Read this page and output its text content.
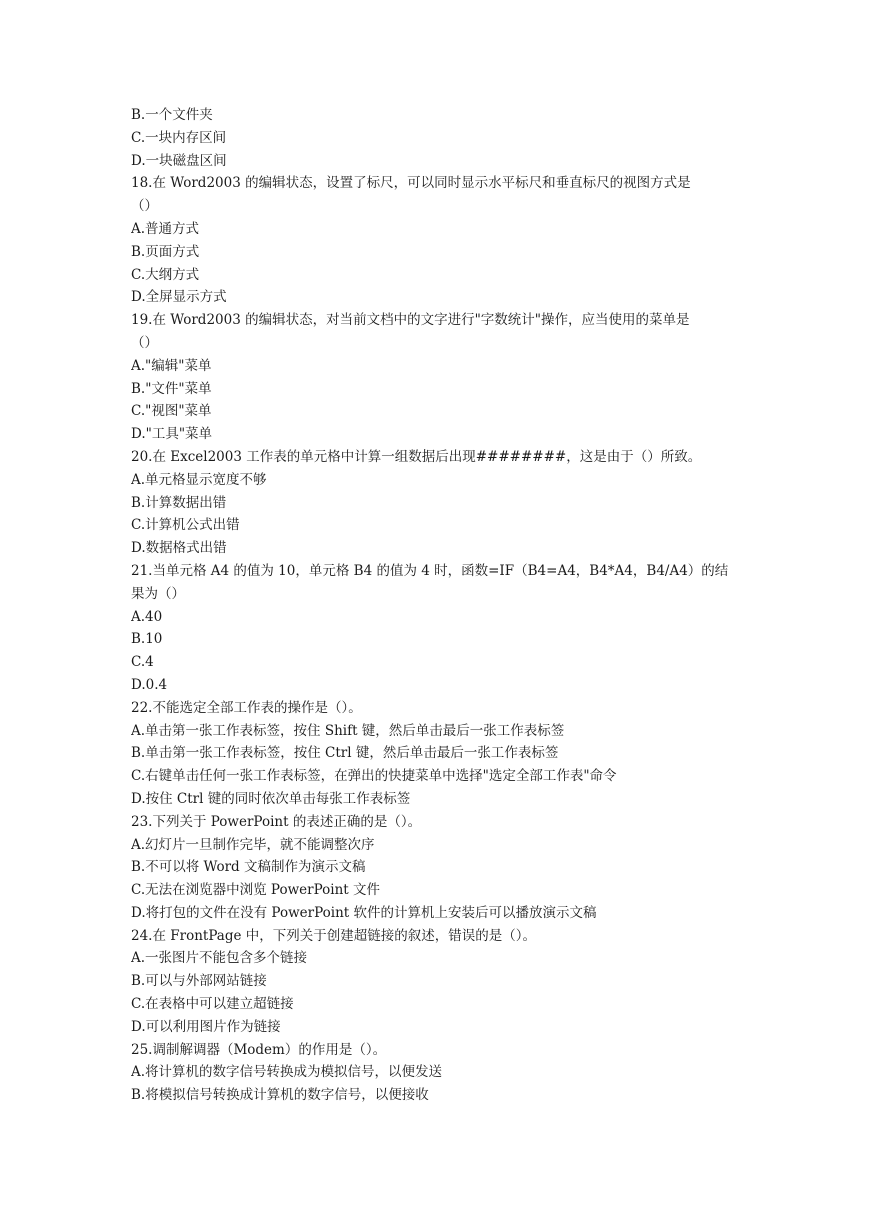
B.一个文件夹
C.一块内存区间
D.一块磁盘区间
18.在 Word2003 的编辑状态，设置了标尺，可以同时显示水平标尺和垂直标尺的视图方式是
（）
A.普通方式
B.页面方式
C.大纲方式
D.全屏显示方式
19.在 Word2003 的编辑状态，对当前文档中的文字进行"字数统计"操作，应当使用的菜单是
（）
A."编辑"菜单
B."文件"菜单
C."视图"菜单
D."工具"菜单
20.在 Excel2003 工作表的单元格中计算一组数据后出现########，这是由于（）所致。
A.单元格显示宽度不够
B.计算数据出错
C.计算机公式出错
D.数据格式出错
21.当单元格 A4 的值为 10，单元格 B4 的值为 4 时，函数=IF（B4=A4，B4*A4，B4/A4）的结
果为（）
A.40
B.10
C.4
D.0.4
22.不能选定全部工作表的操作是（）。
A.单击第一张工作表标签，按住 Shift 键，然后单击最后一张工作表标签
B.单击第一张工作表标签，按住 Ctrl 键，然后单击最后一张工作表标签
C.右键单击任何一张工作表标签，在弹出的快捷菜单中选择"选定全部工作表"命令
D.按住 Ctrl 键的同时依次单击每张工作表标签
23.下列关于 PowerPoint 的表述正确的是（）。
A.幻灯片一旦制作完毕，就不能调整次序
B.不可以将 Word 文稿制作为演示文稿
C.无法在浏览器中浏览 PowerPoint 文件
D.将打包的文件在没有 PowerPoint 软件的计算机上安装后可以播放演示文稿
24.在 FrontPage 中，下列关于创建超链接的叙述，错误的是（）。
A.一张图片不能包含多个链接
B.可以与外部网站链接
C.在表格中可以建立超链接
D.可以利用图片作为链接
25.调制解调器（Modem）的作用是（）。
A.将计算机的数字信号转换成为模拟信号，以便发送
B.将模拟信号转换成计算机的数字信号，以便接收
